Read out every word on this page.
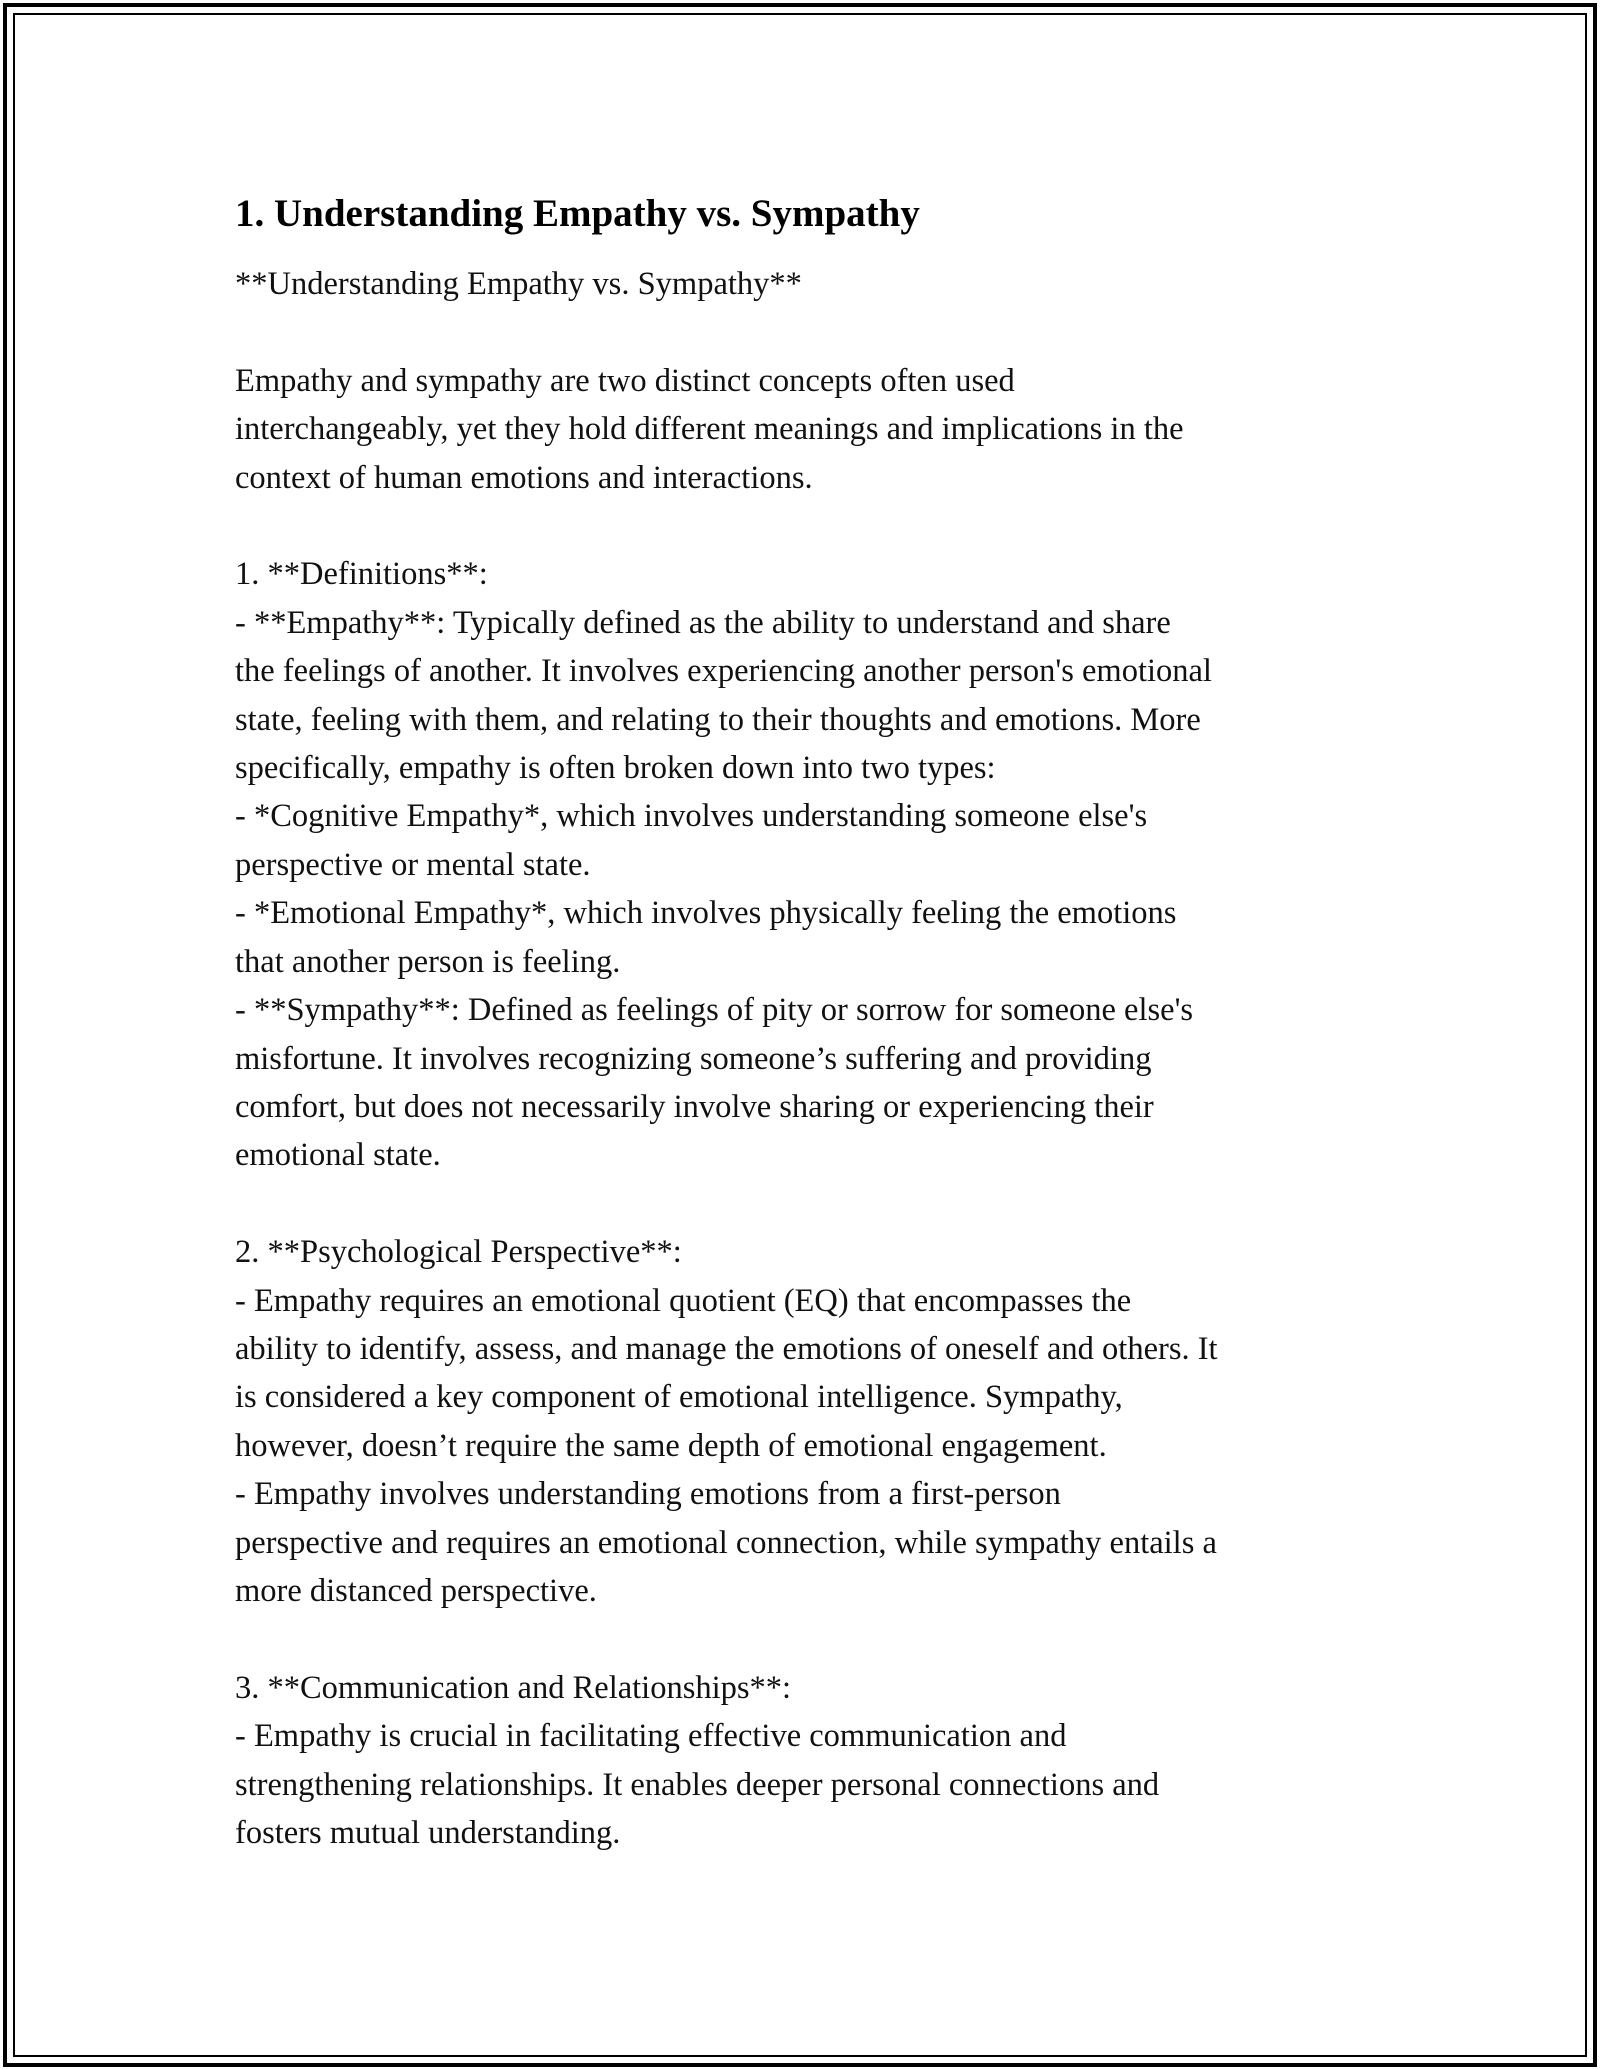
1. Understanding Empathy vs. Sympathy
**Understanding Empathy vs. Sympathy**

Empathy and sympathy are two distinct concepts often used
interchangeably, yet they hold different meanings and implications in the
context of human emotions and interactions.

1. **Definitions**:
- **Empathy**: Typically defined as the ability to understand and share
the feelings of another. It involves experiencing another person's emotional
state, feeling with them, and relating to their thoughts and emotions. More
specifically, empathy is often broken down into two types:
- *Cognitive Empathy*, which involves understanding someone else's
perspective or mental state.
- *Emotional Empathy*, which involves physically feeling the emotions
that another person is feeling.
- **Sympathy**: Defined as feelings of pity or sorrow for someone else's
misfortune. It involves recognizing someone’s suffering and providing
comfort, but does not necessarily involve sharing or experiencing their
emotional state.

2. **Psychological Perspective**:
- Empathy requires an emotional quotient (EQ) that encompasses the
ability to identify, assess, and manage the emotions of oneself and others. It
is considered a key component of emotional intelligence. Sympathy,
however, doesn’t require the same depth of emotional engagement.
- Empathy involves understanding emotions from a first-person
perspective and requires an emotional connection, while sympathy entails a
more distanced perspective.

3. **Communication and Relationships**:
- Empathy is crucial in facilitating effective communication and
strengthening relationships. It enables deeper personal connections and
fosters mutual understanding.
